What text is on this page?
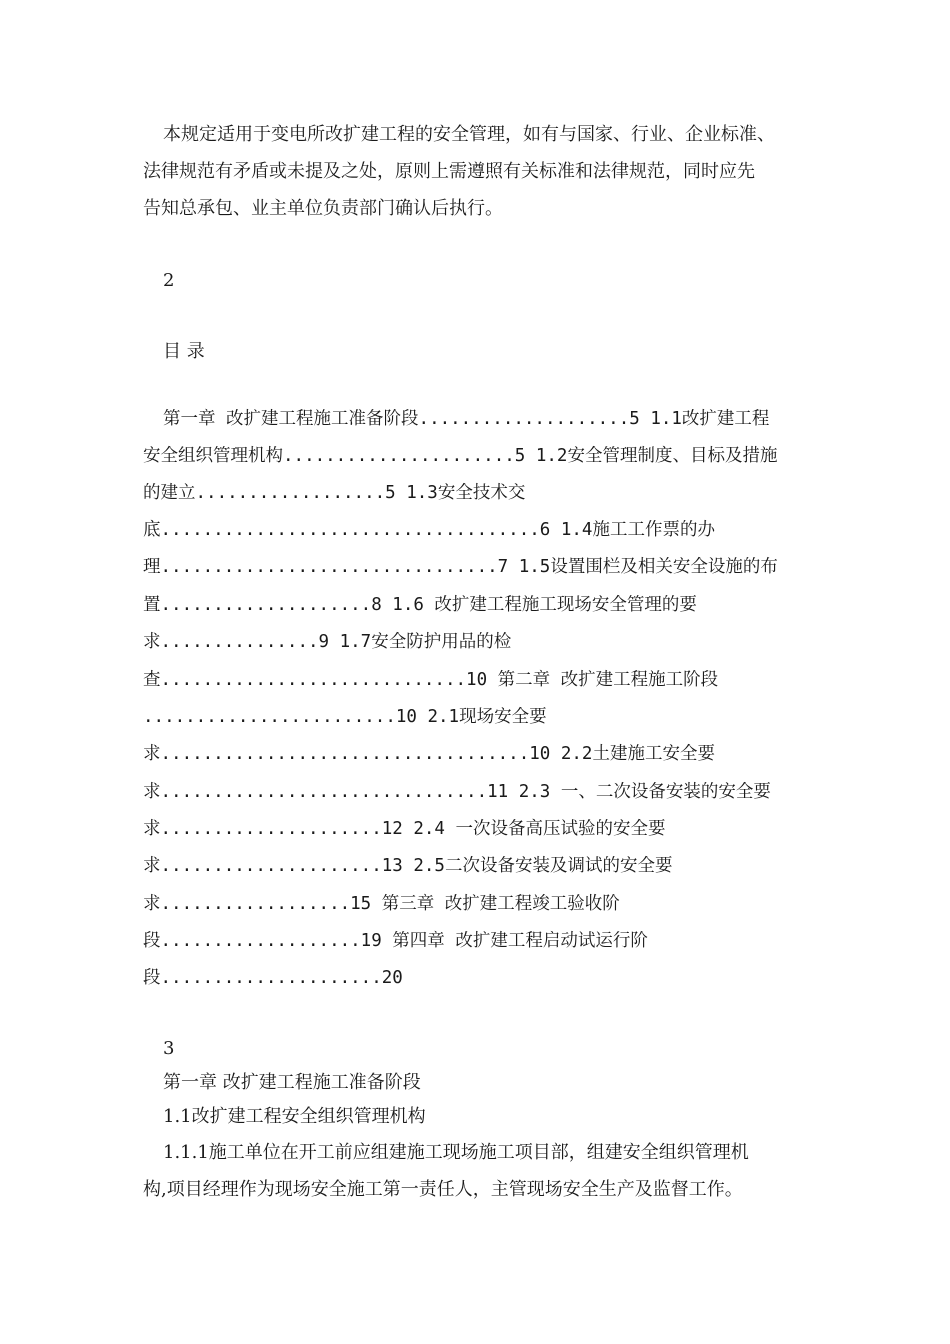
本规定适用于变电所改扩建工程的安全管理，如有与国家、行业、企业标准、
法律规范有矛盾或未提及之处，原则上需遵照有关标准和法律规范，同时应先
告知总承包、业主单位负责部门确认后执行。
2
目 录
第一章 改扩建工程施工准备阶段....................5 1.1改扩建工程
安全组织管理机构......................5 1.2安全管理制度、目标及措施
的建立..................5 1.3安全技术交
底....................................6 1.4施工工作票的办
理................................7 1.5设置围栏及相关安全设施的布
置....................8 1.6 改扩建工程施工现场安全管理的要
求...............9 1.7安全防护用品的检
查.............................10 第二章 改扩建工程施工阶段
........................10 2.1现场安全要
求...................................10 2.2土建施工安全要
求...............................11 2.3 一、二次设备安装的安全要
求.....................12 2.4 一次设备高压试验的安全要
求.....................13 2.5二次设备安装及调试的安全要
求..................15 第三章 改扩建工程竣工验收阶
段...................19 第四章 改扩建工程启动试运行阶
段.....................20
3
第一章 改扩建工程施工准备阶段
1.1改扩建工程安全组织管理机构
1.1.1施工单位在开工前应组建施工现场施工项目部，组建安全组织管理机
构,项目经理作为现场安全施工第一责任人，主管现场安全生产及监督工作。
